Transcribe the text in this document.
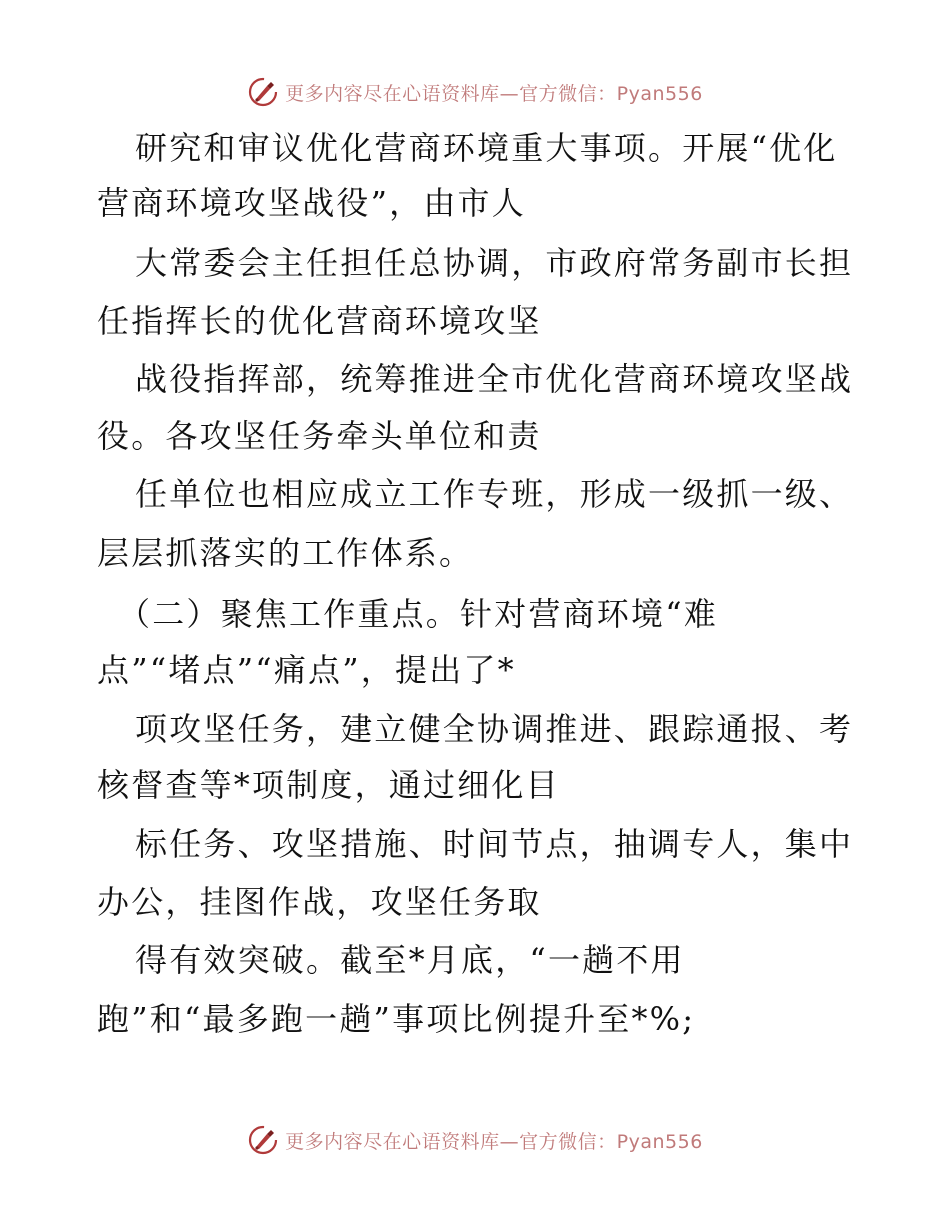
更多内容尽在心语资料库—官方微信：Pyan556
研究和审议优化营商环境重大事项。开展“优化
营商环境攻坚战役”，由市人
大常委会主任担任总协调，市政府常务副市长担
任指挥长的优化营商环境攻坚
战役指挥部，统筹推进全市优化营商环境攻坚战
役。各攻坚任务牵头单位和责
任单位也相应成立工作专班，形成一级抓一级、
层层抓落实的工作体系。
（二）聚焦工作重点。针对营商环境“难
点”“堵点”“痛点”，提出了*
项攻坚任务，建立健全协调推进、跟踪通报、考
核督查等*项制度，通过细化目
标任务、攻坚措施、时间节点，抽调专人，集中
办公，挂图作战，攻坚任务取
得有效突破。截至*月底，“一趟不用
跑”和“最多跑一趟”事项比例提升至*%;
更多内容尽在心语资料库—官方微信：Pyan556
